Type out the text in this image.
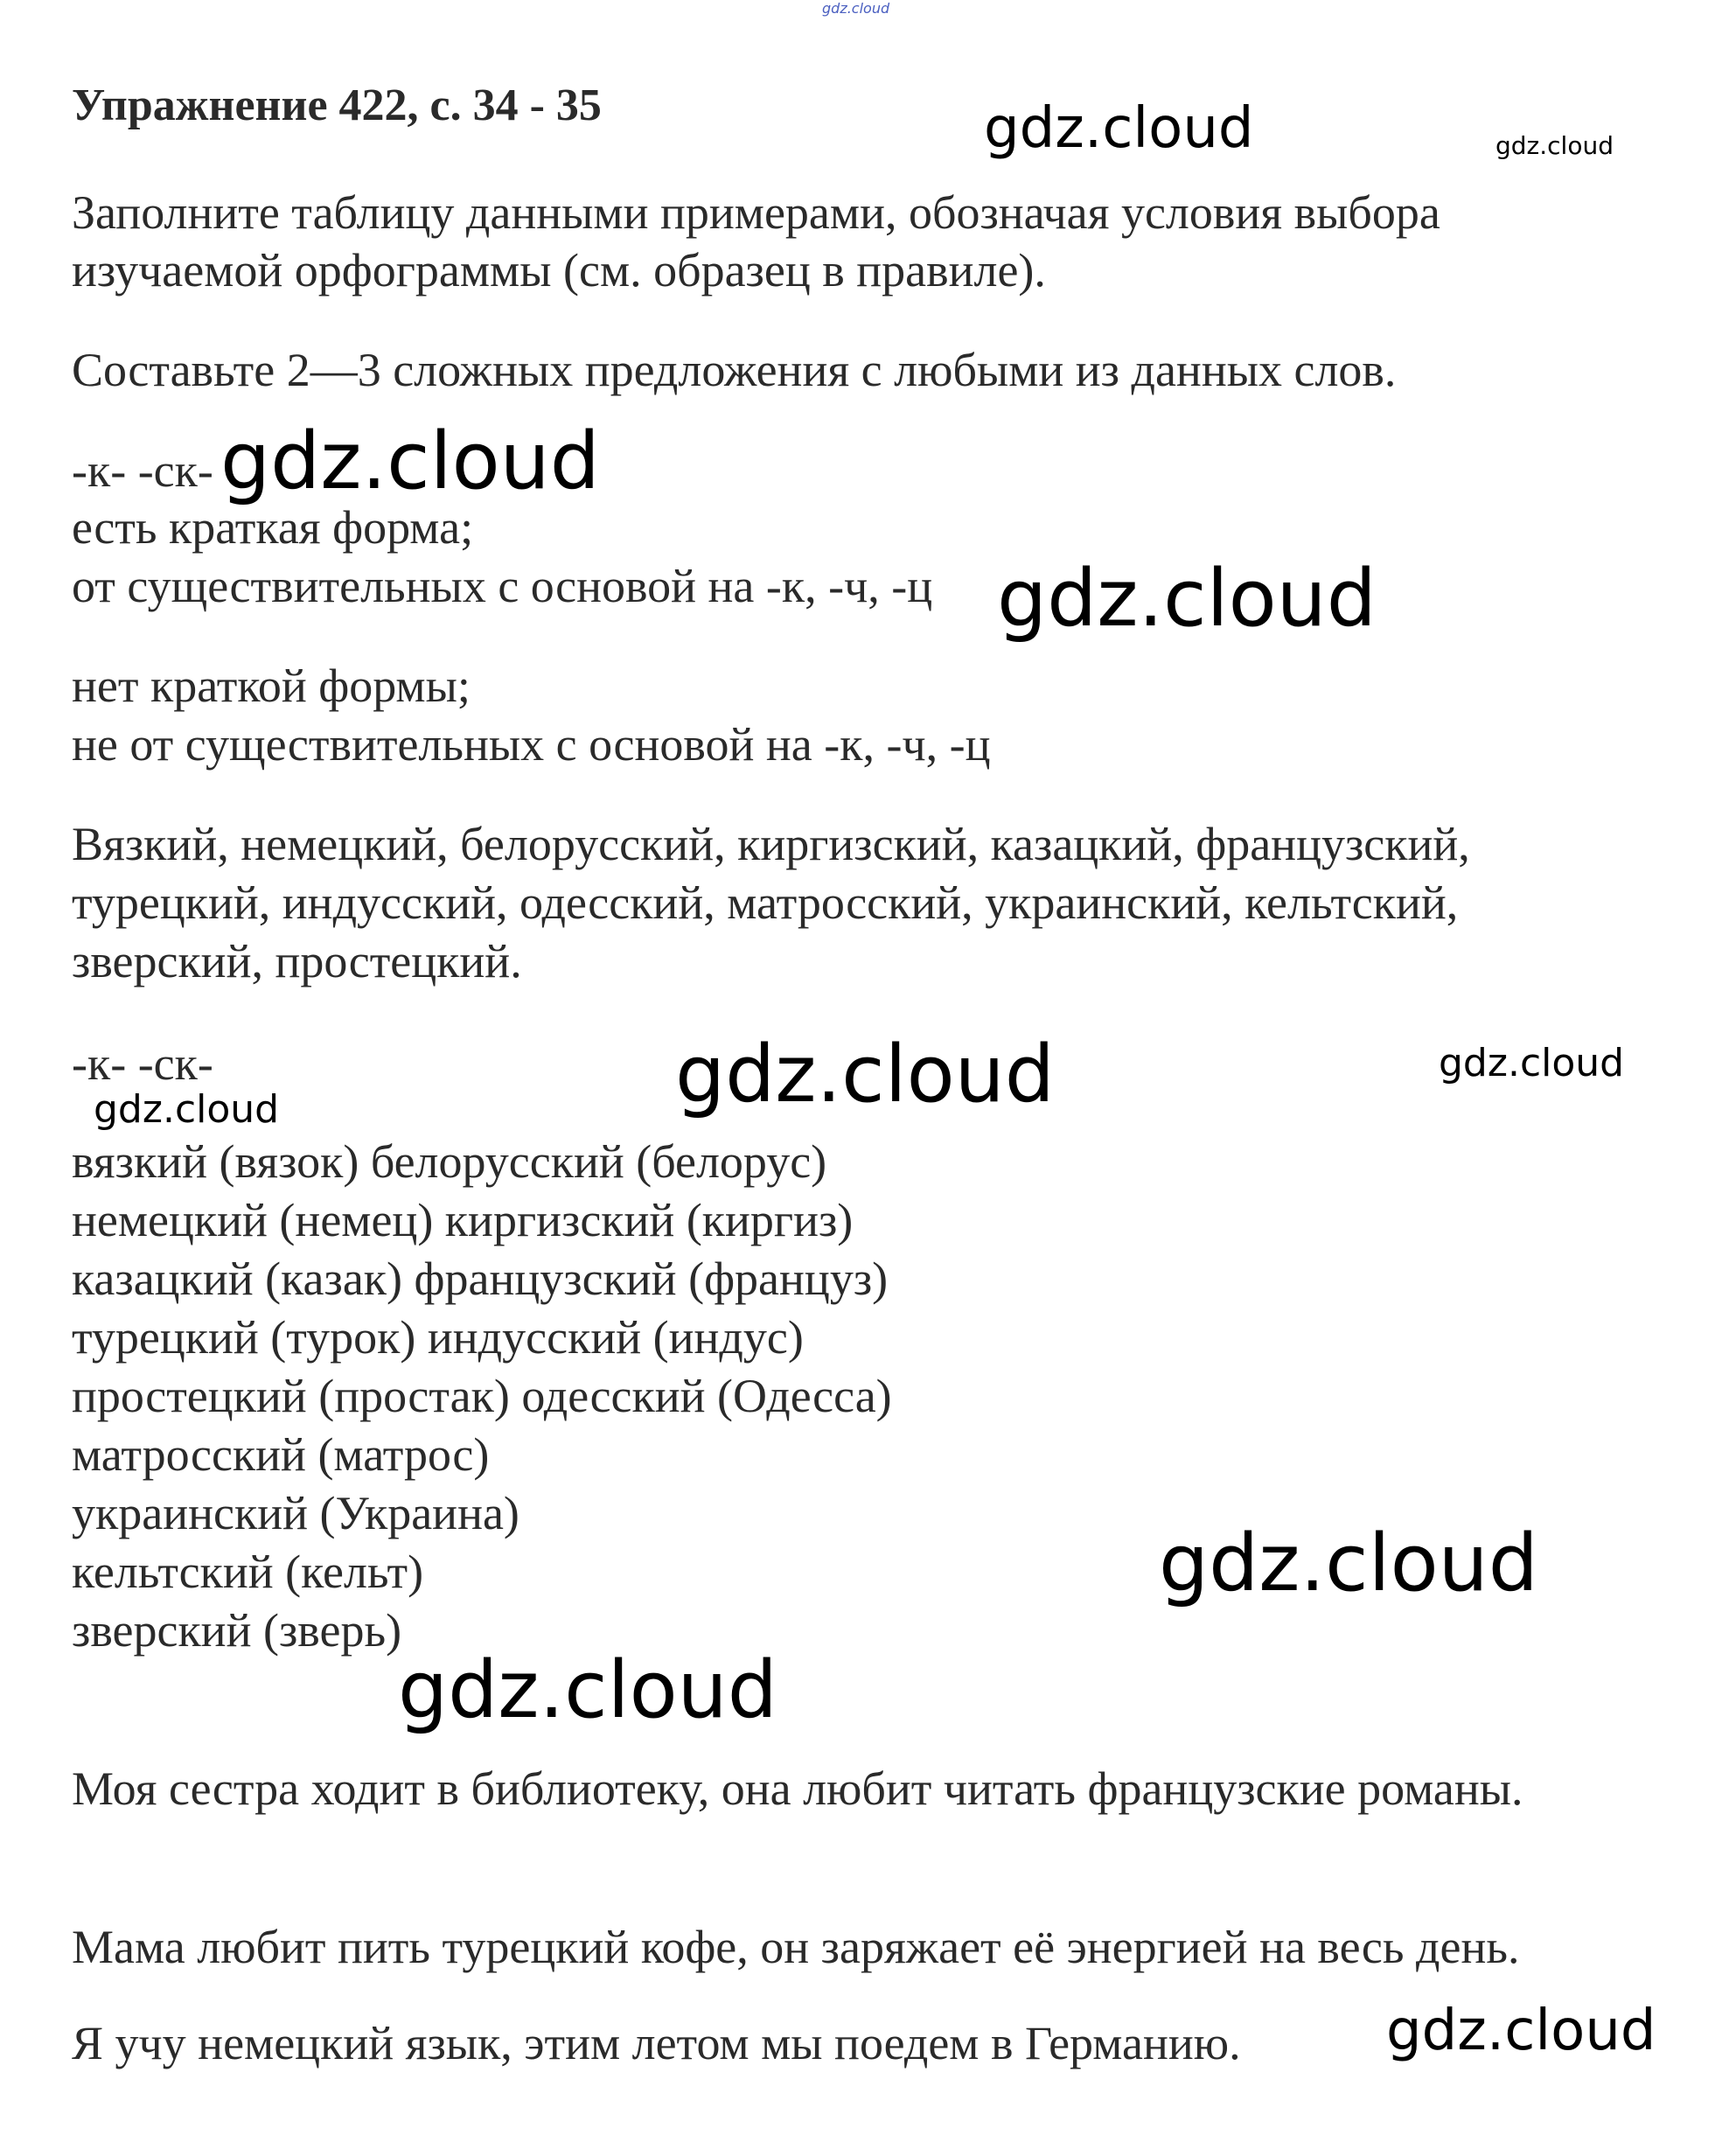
gdz.cloud
Упражнение 422, с. 34 - 35
Заполните таблицу данными примерами, обозначая условия выбора
изучаемой орфограммы (см. образец в правиле).
Составьте 2—3 сложных предложения с любыми из данных слов.
-к- -ск-
есть краткая форма;
от существительных с основой на -к, -ч, -ц
нет краткой формы;
не от существительных с основой на -к, -ч, -ц
Вязкий, немецкий, белорусский, киргизский, казацкий, французский,
турецкий, индусский, одесский, матросский, украинский, кельтский,
зверский, простецкий.
-к- -ск-
вязкий (вязок) белорусский (белорус)
немецкий (немец) киргизский (киргиз)
казацкий (казак) французский (француз)
турецкий (турок) индусский (индус)
простецкий (простак) одесский (Одесса)
матросский (матрос)
украинский (Украина)
кельтский (кельт)
зверский (зверь)
Моя сестра ходит в библиотеку, она любит читать французские романы.
Мама любит пить турецкий кофе, он заряжает её энергией на весь день.
Я учу немецкий язык, этим летом мы поедем в Германию.
gdz.cloud	gdz.cloud
gdz.cloud
gdz.cloud
gdz.cloud	gdz.cloud
gdz.cloud
gdz.cloud
gdz.cloud
gdz.cloud
